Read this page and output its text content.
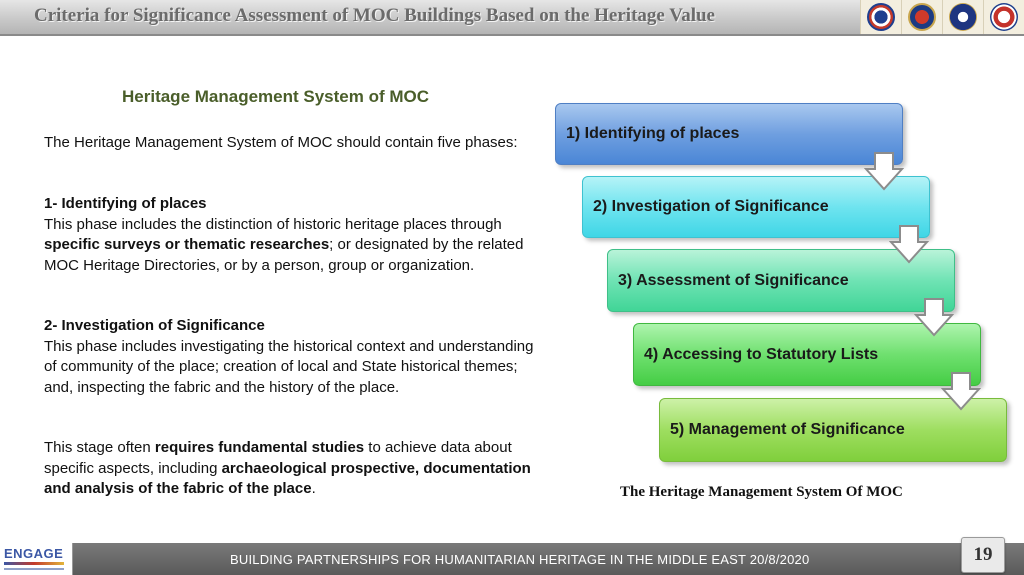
Criteria for Significance Assessment of MOC Buildings Based on the Heritage Value
Heritage Management System of MOC
The Heritage Management System of MOC should contain five phases:
1- Identifying of places
This phase includes the distinction of historic heritage places through specific surveys or thematic researches; or designated by the related MOC Heritage Directories, or by a person, group or organization.
2- Investigation of Significance
This phase includes investigating the historical context and understanding of community of the place; creation of local and State historical themes; and, inspecting the fabric and the history of the place.
This stage often requires fundamental studies to achieve data about specific aspects, including archaeological prospective, documentation and analysis of the fabric of the place.
1) Identifying of places
2) Investigation of Significance
3) Assessment of Significance
4) Accessing to Statutory Lists
5) Management of Significance
The Heritage Management System Of MOC
ENGAGE	BUILDING PARTNERSHIPS FOR HUMANITARIAN HERITAGE IN THE MIDDLE EAST 20/8/2020	19
